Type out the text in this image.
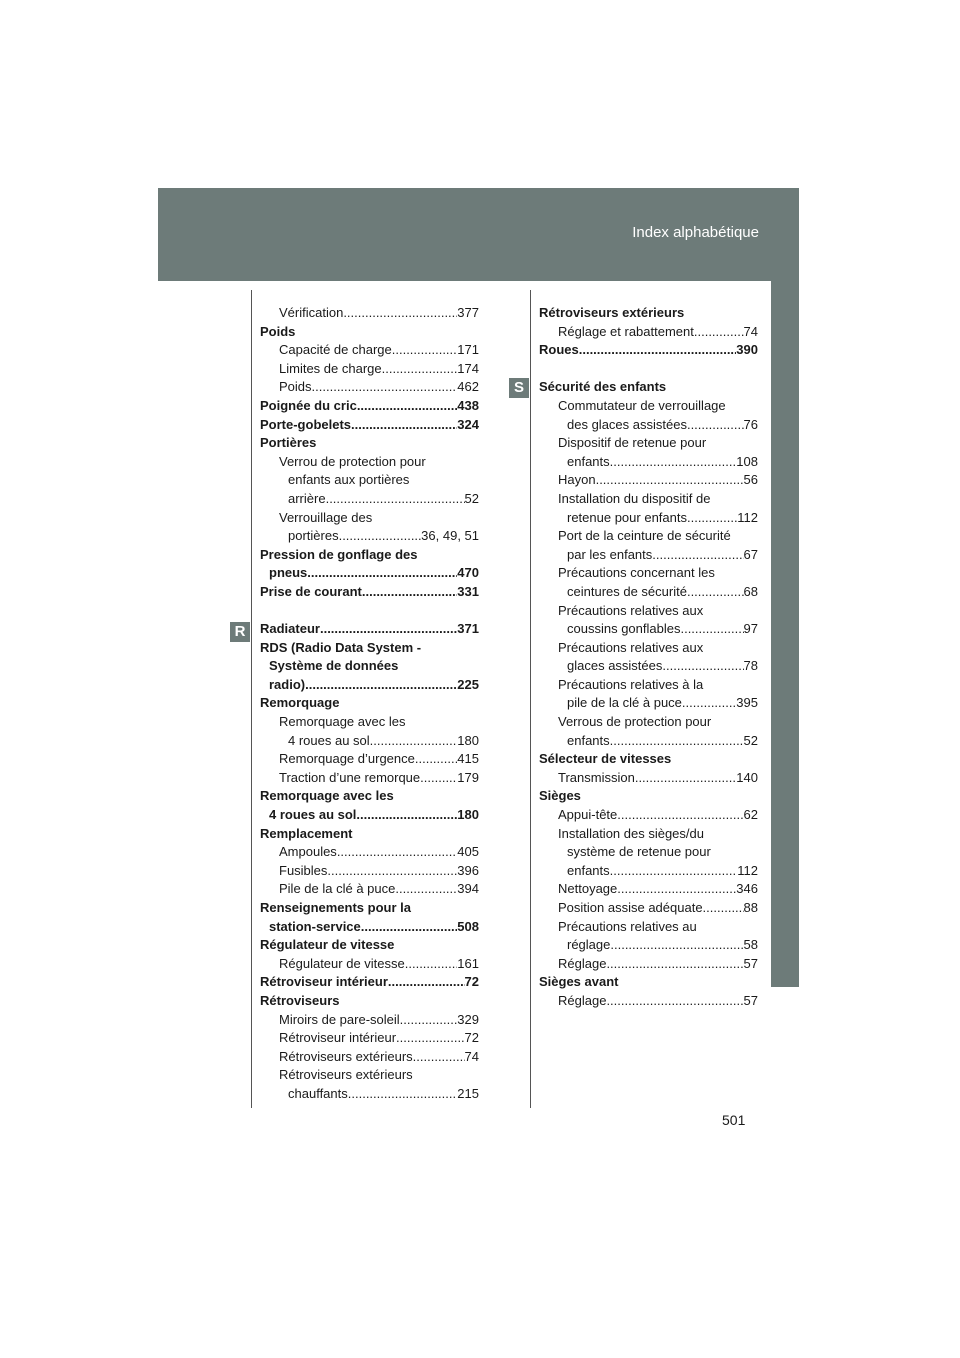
Index alphabétique
R
S
Vérification .....	377
Poids
Capacité de charge .....	171
Limites de charge .....	174
Poids .....	462
Poignée du cric .....	438
Porte-gobelets .....	324
Portières
Verrou de protection pour
enfants aux portières
arrière .....	52
Verrouillage des
portières .....	36, 49, 51
Pression de gonflage des
pneus .....	470
Prise de courant .....	331
Radiateur .....	371
RDS (Radio Data System -
Système de données
radio) .....	225
Remorquage
Remorquage avec les
4 roues au sol .....	180
Remorquage d’urgence .....	415
Traction d’une remorque .....	179
Remorquage avec les
4 roues au sol .....	180
Remplacement
Ampoules .....	405
Fusibles .....	396
Pile de la clé à puce .....	394
Renseignements pour la
station-service .....	508
Régulateur de vitesse
Régulateur de vitesse .....	161
Rétroviseur intérieur .....	72
Rétroviseurs
Miroirs de pare-soleil .....	329
Rétroviseur intérieur .....	72
Rétroviseurs extérieurs .....	74
Rétroviseurs extérieurs
chauffants .....	215
Rétroviseurs extérieurs
Réglage et rabattement .....	74
Roues .....	390
Sécurité des enfants
Commutateur de verrouillage
des glaces assistées .....	76
Dispositif de retenue pour
enfants .....	108
Hayon .....	56
Installation du dispositif de
retenue pour enfants .....	112
Port de la ceinture de sécurité
par les enfants .....	67
Précautions concernant les
ceintures de sécurité .....	68
Précautions relatives aux
coussins gonflables .....	97
Précautions relatives aux
glaces assistées .....	78
Précautions relatives à la
pile de la clé à puce .....	395
Verrous de protection pour
enfants .....	52
Sélecteur de vitesses
Transmission .....	140
Sièges
Appui-tête .....	62
Installation des sièges/du
système de retenue pour
enfants .....	112
Nettoyage .....	346
Position assise adéquate .....	88
Précautions relatives au
réglage .....	58
Réglage .....	57
Sièges avant
Réglage .....	57
501
